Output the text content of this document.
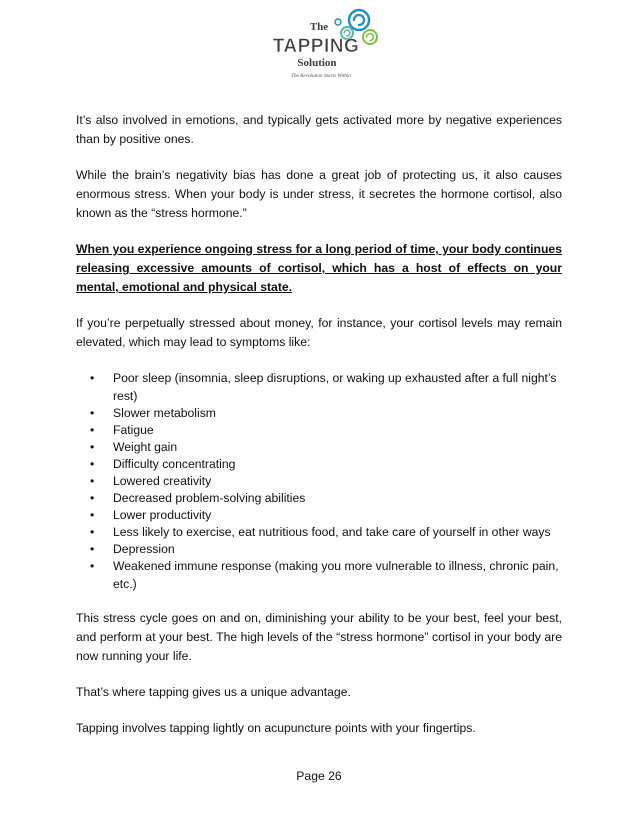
The
TAPPING
Solution
The Revolution Starts Within

It’s also involved in emotions, and typically gets activated more by negative experiences than by positive ones.

While the brain’s negativity bias has done a great job of protecting us, it also causes enormous stress. When your body is under stress, it secretes the hormone cortisol, also known as the “stress hormone.”

When you experience ongoing stress for a long period of time, your body continues releasing excessive amounts of cortisol, which has a host of effects on your mental, emotional and physical state.

If you’re perpetually stressed about money, for instance, your cortisol levels may remain elevated, which may lead to symptoms like:

• Poor sleep (insomnia, sleep disruptions, or waking up exhausted after a full night’s rest)
• Slower metabolism
• Fatigue
• Weight gain
• Difficulty concentrating
• Lowered creativity
• Decreased problem-solving abilities
• Lower productivity
• Less likely to exercise, eat nutritious food, and take care of yourself in other ways
• Depression
• Weakened immune response (making you more vulnerable to illness, chronic pain, etc.)

This stress cycle goes on and on, diminishing your ability to be your best, feel your best, and perform at your best. The high levels of the “stress hormone” cortisol in your body are now running your life.

That’s where tapping gives us a unique advantage.

Tapping involves tapping lightly on acupuncture points with your fingertips.

Page 26
